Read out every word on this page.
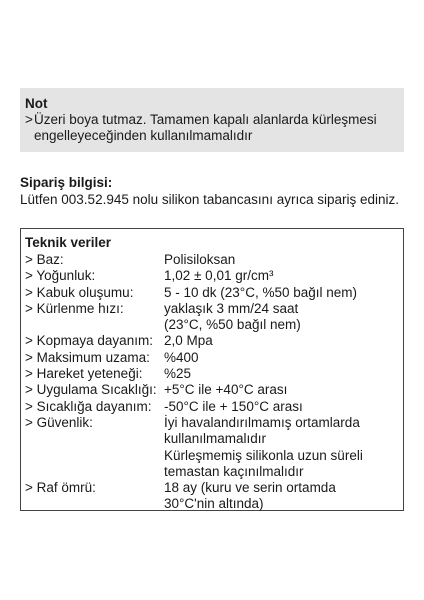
Not
> Üzeri boya tutmaz. Tamamen kapalı alanlarda kürleşmesi
engelleyeceğinden kullanılmamalıdır
Sipariş bilgisi:
Lütfen 003.52.945 nolu silikon tabancasını ayrıca sipariş ediniz.
Teknik veriler
> Baz:	Polisiloksan
> Yoğunluk:	1,02 ± 0,01 gr/cm³
> Kabuk oluşumu:	5 - 10 dk (23°C, %50 bağıl nem)
> Kürlenme hızı:	yaklaşık 3 mm/24 saat
(23°C, %50 bağıl nem)
> Kopmaya dayanım: 2,0 Mpa
> Maksimum uzama:	%400
> Hareket yeteneği:	%25
> Uygulama Sıcaklığı: +5°C ile +40°C arası
> Sıcaklığa dayanım: -50°C ile + 150°C arası
> Güvenlik:	İyi havalandırılmamış ortamlarda
kullanılmamalıdır
Kürleşmemiş silikonla uzun süreli
temastan kaçınılmalıdır
> Raf ömrü:	18 ay (kuru ve serin ortamda
30°C'nin altında)
